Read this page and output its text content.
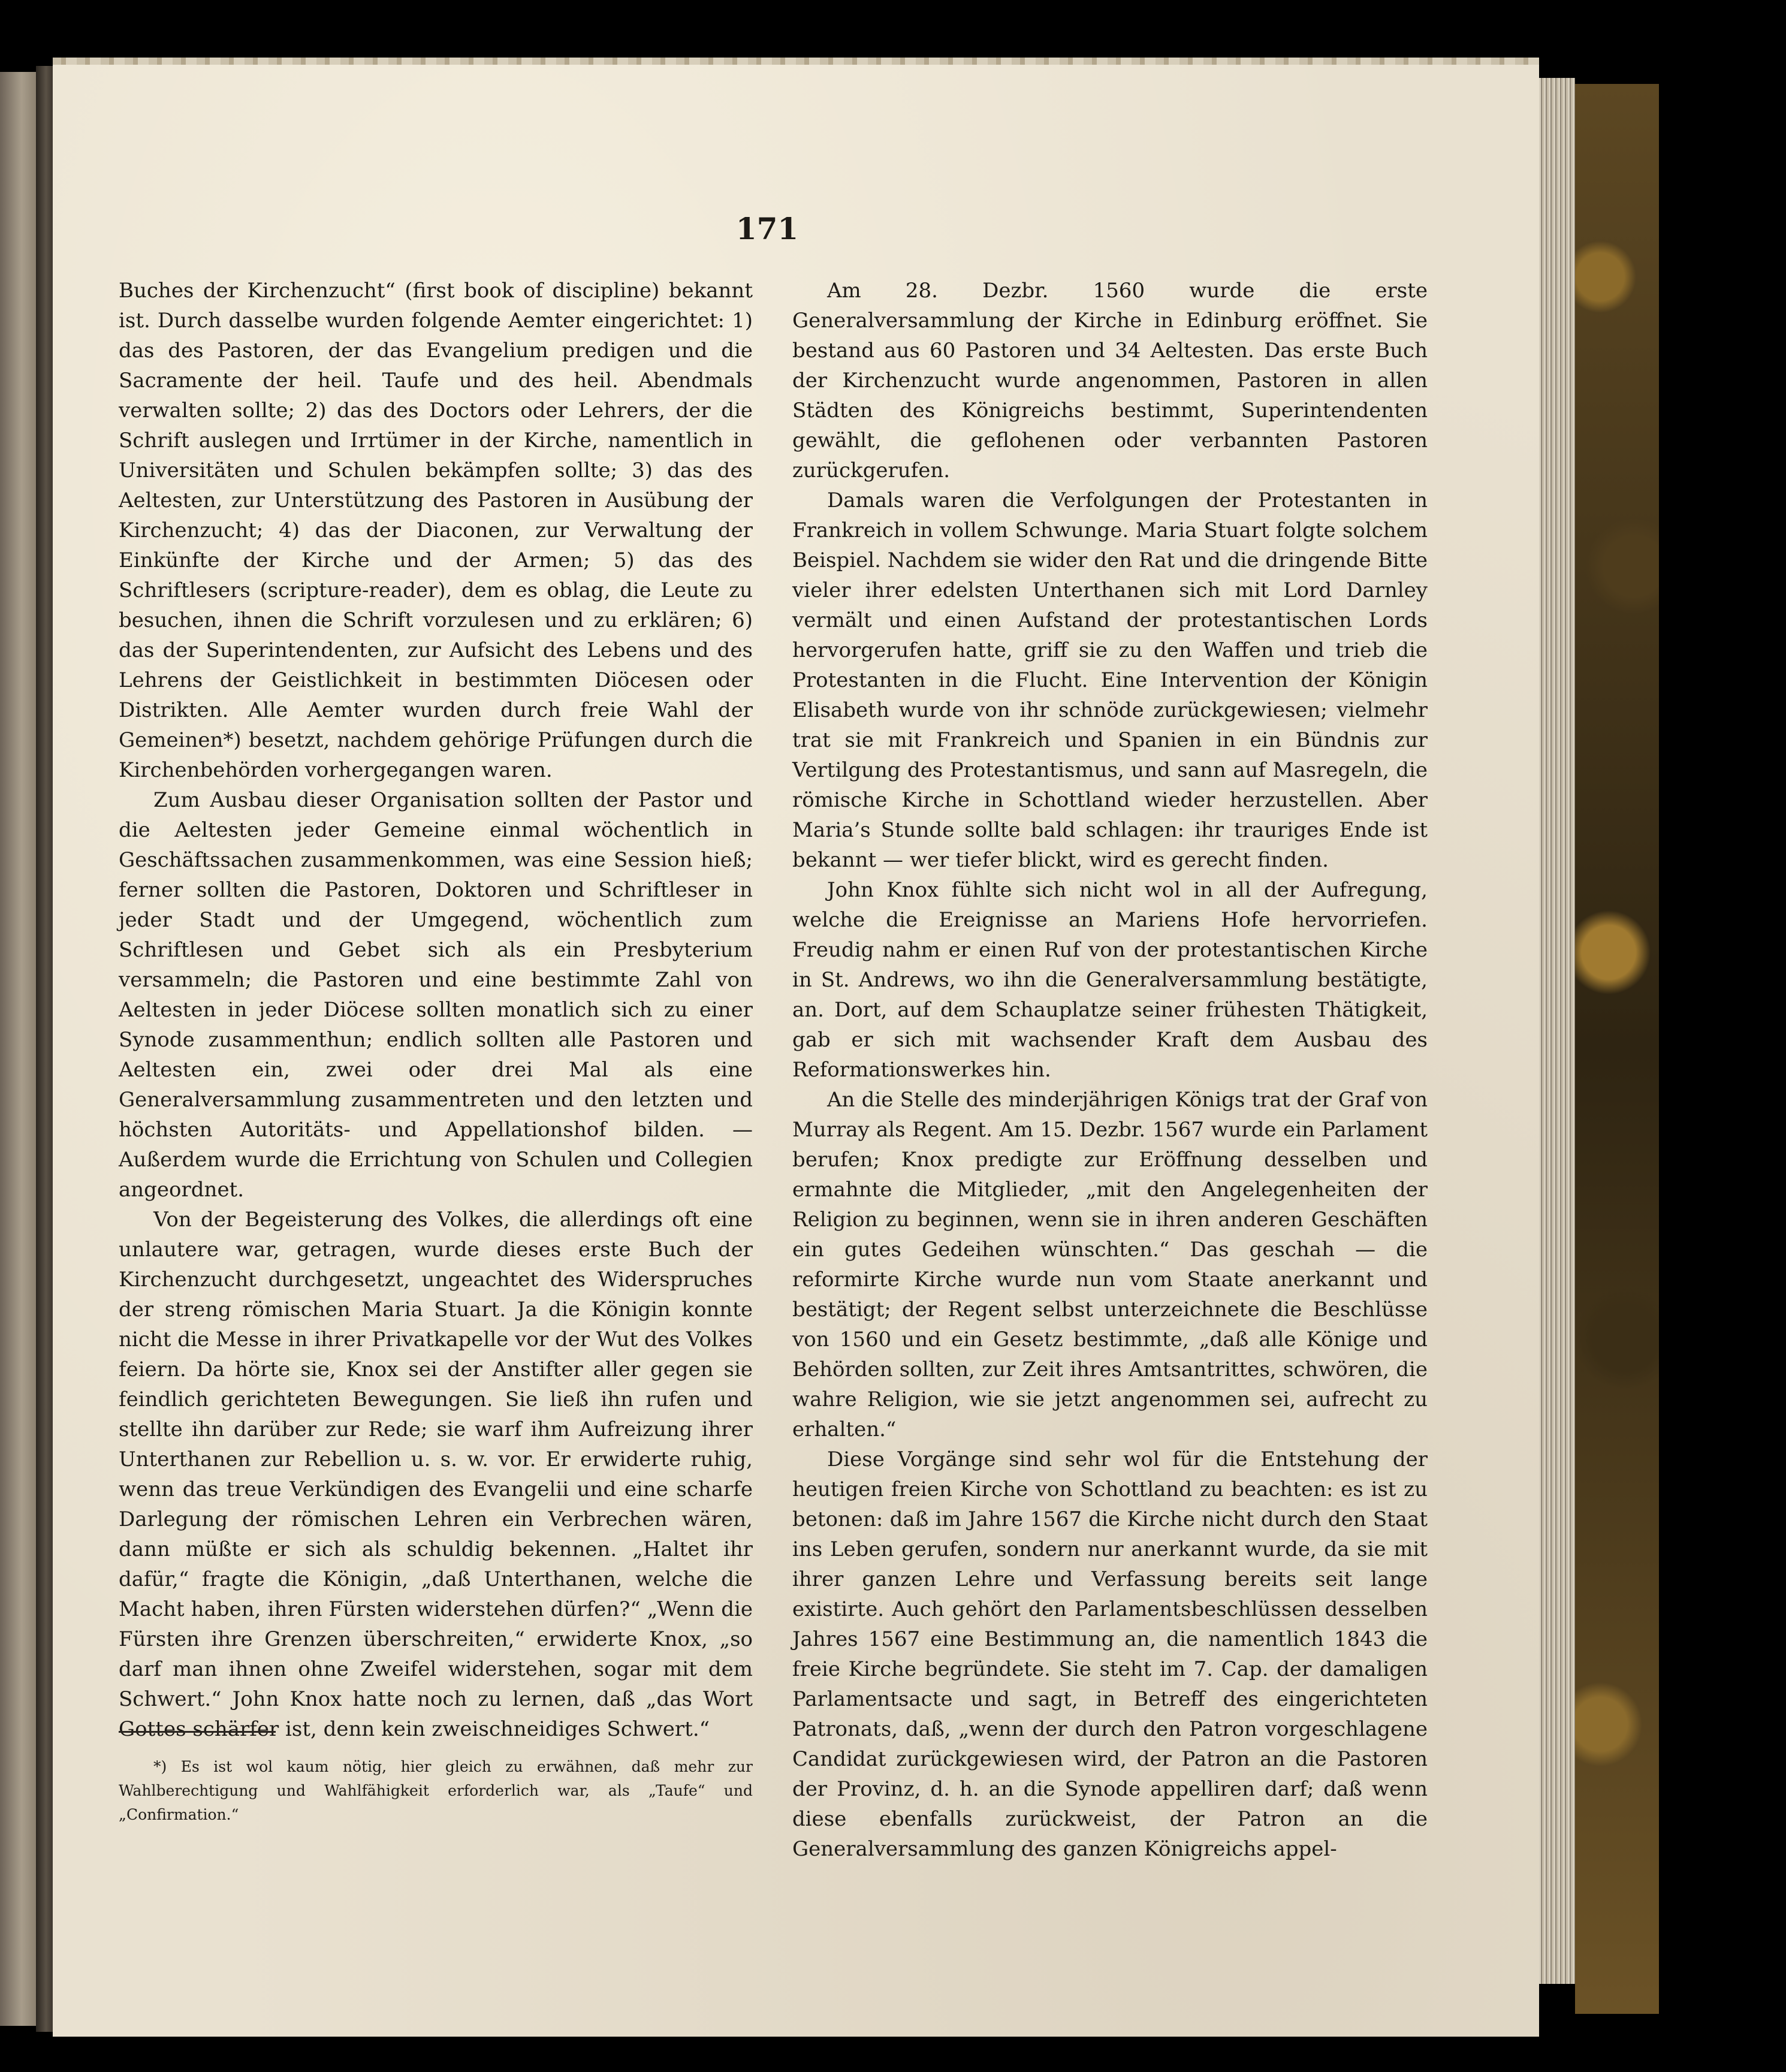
171

Buches der Kirchenzucht“ (first book of discipline) bekannt ist. Durch dasselbe wurden folgende Aemter eingerichtet: 1) das des Pastoren, der das Evangelium predigen und die Sacramente der heil. Taufe und des heil. Abendmals verwalten sollte; 2) das des Doctors oder Lehrers, der die Schrift auslegen und Irrtümer in der Kirche, namentlich in Universitäten und Schulen bekämpfen sollte; 3) das des Aeltesten, zur Unterstützung des Pastoren in Ausübung der Kirchenzucht; 4) das der Diaconen, zur Verwaltung der Einkünfte der Kirche und der Armen; 5) das des Schriftlesers (scripture-reader), dem es oblag, die Leute zu besuchen, ihnen die Schrift vorzulesen und zu erklären; 6) das der Superintendenten, zur Aufsicht des Lebens und des Lehrens der Geistlichkeit in bestimmten Diöcesen oder Distrikten. Alle Aemter wurden durch freie Wahl der Gemeinen*) besetzt, nachdem gehörige Prüfungen durch die Kirchenbehörden vorhergegangen waren.

Zum Ausbau dieser Organisation sollten der Pastor und die Aeltesten jeder Gemeine einmal wöchentlich in Geschäftssachen zusammenkommen, was eine Session hieß; ferner sollten die Pastoren, Doktoren und Schriftleser in jeder Stadt und der Umgegend, wöchentlich zum Schriftlesen und Gebet sich als ein Presbyterium versammeln; die Pastoren und eine bestimmte Zahl von Aeltesten in jeder Diöcese sollten monatlich sich zu einer Synode zusammenthun; endlich sollten alle Pastoren und Aeltesten ein, zwei oder drei Mal als eine Generalversammlung zusammentreten und den letzten und höchsten Autoritäts- und Appellationshof bilden. — Außerdem wurde die Errichtung von Schulen und Collegien angeordnet.

Von der Begeisterung des Volkes, die allerdings oft eine unlautere war, getragen, wurde dieses erste Buch der Kirchenzucht durchgesetzt, ungeachtet des Widerspruches der streng römischen Maria Stuart. Ja die Königin konnte nicht die Messe in ihrer Privatkapelle vor der Wut des Volkes feiern. Da hörte sie, Knox sei der Anstifter aller gegen sie feindlich gerichteten Bewegungen. Sie ließ ihn rufen und stellte ihn darüber zur Rede; sie warf ihm Aufreizung ihrer Unterthanen zur Rebellion u. s. w. vor. Er erwiderte ruhig, wenn das treue Verkündigen des Evangelii und eine scharfe Darlegung der römischen Lehren ein Verbrechen wären, dann müßte er sich als schuldig bekennen. „Haltet ihr dafür,“ fragte die Königin, „daß Unterthanen, welche die Macht haben, ihren Fürsten widerstehen dürfen?“ „Wenn die Fürsten ihre Grenzen überschreiten,“ erwiderte Knox, „so darf man ihnen ohne Zweifel widerstehen, sogar mit dem Schwert.“ John Knox hatte noch zu lernen, daß „das Wort Gottes schärfer ist, denn kein zweischneidiges Schwert.“

*) Es ist wol kaum nötig, hier gleich zu erwähnen, daß mehr zur Wahlberechtigung und Wahlfähigkeit erforderlich war, als „Taufe“ und „Confirmation.“

Am 28. Dezbr. 1560 wurde die erste Generalversammlung der Kirche in Edinburg eröffnet. Sie bestand aus 60 Pastoren und 34 Aeltesten. Das erste Buch der Kirchenzucht wurde angenommen, Pastoren in allen Städten des Königreichs bestimmt, Superintendenten gewählt, die geflohenen oder verbannten Pastoren zurückgerufen.

Damals waren die Verfolgungen der Protestanten in Frankreich in vollem Schwunge. Maria Stuart folgte solchem Beispiel. Nachdem sie wider den Rat und die dringende Bitte vieler ihrer edelsten Unterthanen sich mit Lord Darnley vermält und einen Aufstand der protestantischen Lords hervorgerufen hatte, griff sie zu den Waffen und trieb die Protestanten in die Flucht. Eine Intervention der Königin Elisabeth wurde von ihr schnöde zurückgewiesen; vielmehr trat sie mit Frankreich und Spanien in ein Bündnis zur Vertilgung des Protestantismus, und sann auf Masregeln, die römische Kirche in Schottland wieder herzustellen. Aber Maria’s Stunde sollte bald schlagen: ihr trauriges Ende ist bekannt — wer tiefer blickt, wird es gerecht finden.

John Knox fühlte sich nicht wol in all der Aufregung, welche die Ereignisse an Mariens Hofe hervorriefen. Freudig nahm er einen Ruf von der protestantischen Kirche in St. Andrews, wo ihn die Generalversammlung bestätigte, an. Dort, auf dem Schauplatze seiner frühesten Thätigkeit, gab er sich mit wachsender Kraft dem Ausbau des Reformationswerkes hin.

An die Stelle des minderjährigen Königs trat der Graf von Murray als Regent. Am 15. Dezbr. 1567 wurde ein Parlament berufen; Knox predigte zur Eröffnung desselben und ermahnte die Mitglieder, „mit den Angelegenheiten der Religion zu beginnen, wenn sie in ihren anderen Geschäften ein gutes Gedeihen wünschten.“ Das geschah — die reformirte Kirche wurde nun vom Staate anerkannt und bestätigt; der Regent selbst unterzeichnete die Beschlüsse von 1560 und ein Gesetz bestimmte, „daß alle Könige und Behörden sollten, zur Zeit ihres Amtsantrittes, schwören, die wahre Religion, wie sie jetzt angenommen sei, aufrecht zu erhalten.“

Diese Vorgänge sind sehr wol für die Entstehung der heutigen freien Kirche von Schottland zu beachten: es ist zu betonen: daß im Jahre 1567 die Kirche nicht durch den Staat ins Leben gerufen, sondern nur anerkannt wurde, da sie mit ihrer ganzen Lehre und Verfassung bereits seit lange existirte. Auch gehört den Parlamentsbeschlüssen desselben Jahres 1567 eine Bestimmung an, die namentlich 1843 die freie Kirche begründete. Sie steht im 7. Cap. der damaligen Parlamentsacte und sagt, in Betreff des eingerichteten Patronats, daß, „wenn der durch den Patron vorgeschlagene Candidat zurückgewiesen wird, der Patron an die Pastoren der Provinz, d. h. an die Synode appelliren darf; daß wenn diese ebenfalls zurückweist, der Patron an die Generalversammlung des ganzen Königreichs appel-
